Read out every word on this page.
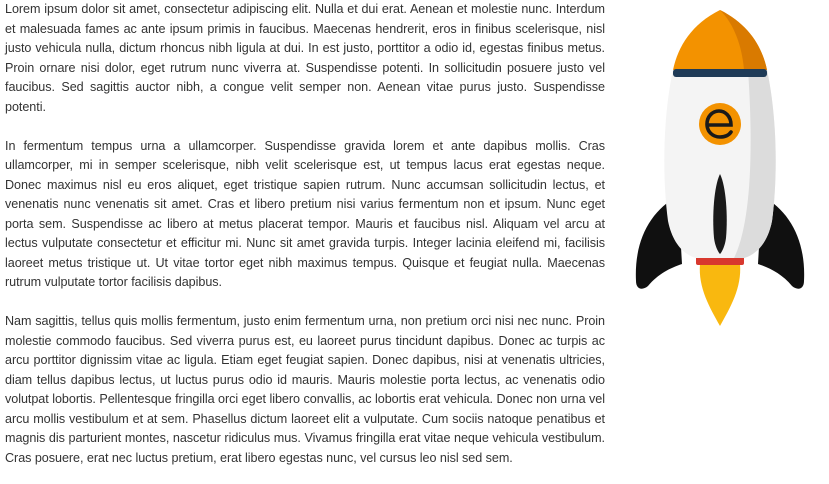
Lorem ipsum dolor sit amet, consectetur adipiscing elit. Nulla et dui erat. Aenean et molestie nunc. Interdum et malesuada fames ac ante ipsum primis in faucibus. Maecenas hendrerit, eros in finibus scelerisque, nisl justo vehicula nulla, dictum rhoncus nibh ligula at dui. In est justo, porttitor a odio id, egestas finibus metus. Proin ornare nisi dolor, eget rutrum nunc viverra at. Suspendisse potenti. In sollicitudin posuere justo vel faucibus. Sed sagittis auctor nibh, a congue velit semper non. Aenean vitae purus justo. Suspendisse potenti.

In fermentum tempus urna a ullamcorper. Suspendisse gravida lorem et ante dapibus mollis. Cras ullamcorper, mi in semper scelerisque, nibh velit scelerisque est, ut tempus lacus erat egestas neque. Donec maximus nisl eu eros aliquet, eget tristique sapien rutrum. Nunc accumsan sollicitudin lectus, et venenatis nunc venenatis sit amet. Cras et libero pretium nisi varius fermentum non et ipsum. Nunc eget porta sem. Suspendisse ac libero at metus placerat tempor. Mauris et faucibus nisl. Aliquam vel arcu at lectus vulputate consectetur et efficitur mi. Nunc sit amet gravida turpis. Integer lacinia eleifend mi, facilisis laoreet metus tristique ut. Ut vitae tortor eget nibh maximus tempus. Quisque et feugiat nulla. Maecenas rutrum vulputate tortor facilisis dapibus.

Nam sagittis, tellus quis mollis fermentum, justo enim fermentum urna, non pretium orci nisi nec nunc. Proin molestie commodo faucibus. Sed viverra purus est, eu laoreet purus tincidunt dapibus. Donec ac turpis ac arcu porttitor dignissim vitae ac ligula. Etiam eget feugiat sapien. Donec dapibus, nisi at venenatis ultricies, diam tellus dapibus lectus, ut luctus purus odio id mauris. Mauris molestie porta lectus, ac venenatis odio volutpat lobortis. Pellentesque fringilla orci eget libero convallis, ac lobortis erat vehicula. Donec non urna vel arcu mollis vestibulum et at sem. Phasellus dictum laoreet elit a vulputate. Cum sociis natoque penatibus et magnis dis parturient montes, nascetur ridiculus mus. Vivamus fringilla erat vitae neque vehicula vestibulum. Cras posuere, erat nec luctus pretium, erat libero egestas nunc, vel cursus leo nisl sed sem.
